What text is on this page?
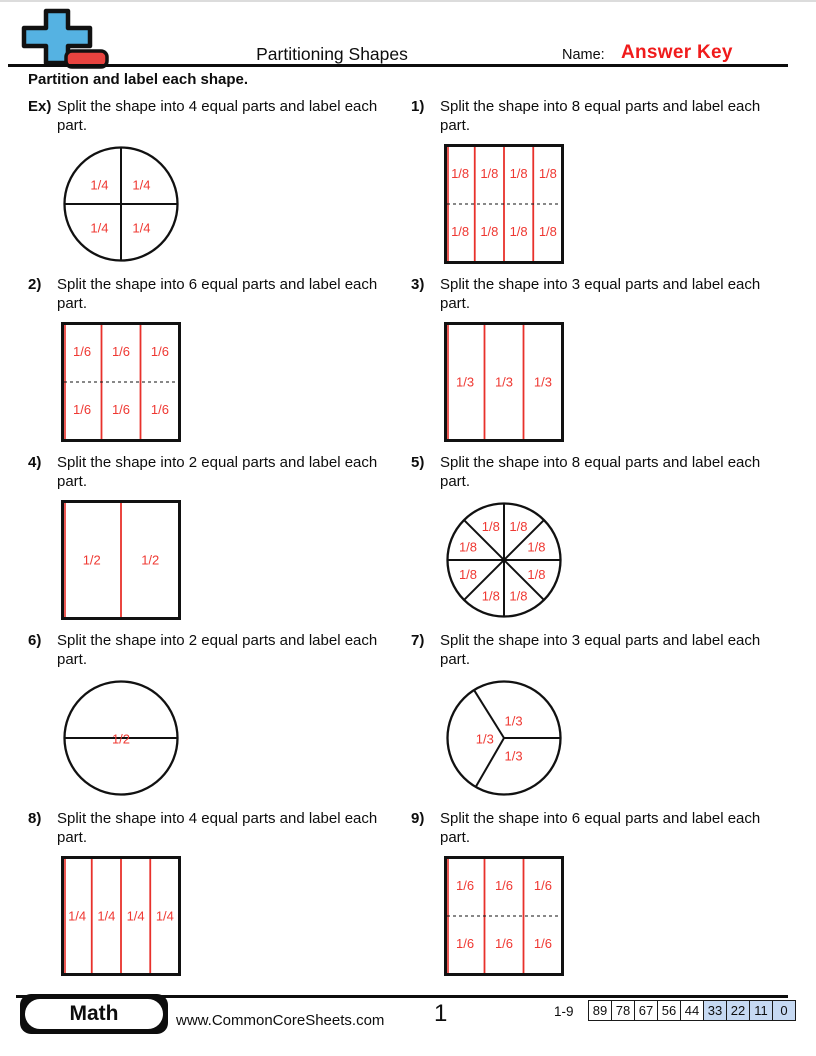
Partitioning Shapes	Name: Answer Key
Partition and label each shape.
Ex) Split the shape into 4 equal parts and label each part.
1/4 1/4
1/4 1/4
1)	Split the shape into 8 equal parts and label each part.
1/8 1/8 1/8 1/8
1/8 1/8 1/8 1/8
2)	Split the shape into 6 equal parts and label each part.
1/6 1/6 1/6
1/6 1/6 1/6
3)	Split the shape into 3 equal parts and label each part.
1/3 1/3 1/3
4)	Split the shape into 2 equal parts and label each part.
1/2	1/2
5)	Split the shape into 8 equal parts and label each part.
1/8 1/8
1/8	1/8
1/8	1/8
1/8 1/8
6)	Split the shape into 2 equal parts and label each part.
1/2
7)	Split the shape into 3 equal parts and label each part.
1/3
1/3
1/3
8)	Split the shape into 4 equal parts and label each part.
1/4 1/4 1/4 1/4
9)	Split the shape into 6 equal parts and label each part.
1/6 1/6 1/6
1/6 1/6 1/6
Math	www.CommonCoreSheets.com 1	1-9	89 78 67 56 44 33 22 11 0
